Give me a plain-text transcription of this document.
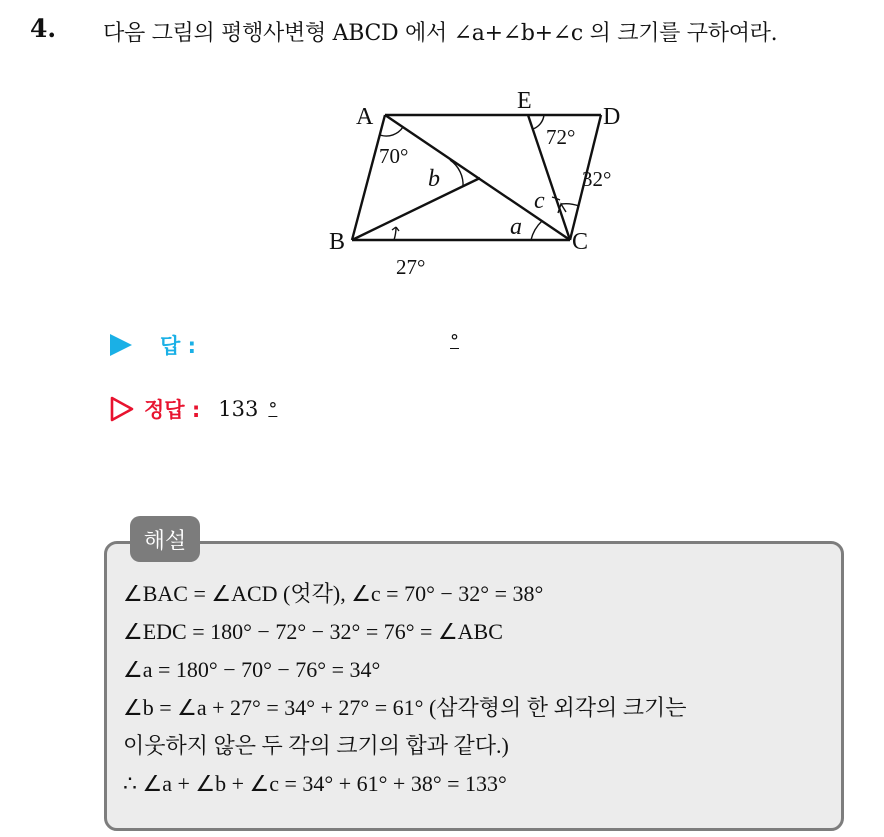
4. 다음 그림의 평행사변형 ABCD 에서 ∠a+∠b+∠c 의 크기를 구하여라.
A
E
D
B	C
b
a
c
70°
72°
32°
27°
답 :	°
정답 : 133 °
해설
∠BAC = ∠ACD (엇각), ∠c = 70° − 32° = 38°
∠EDC = 180° − 72° − 32° = 76° = ∠ABC
∠a = 180° − 70° − 76° = 34°
∠b = ∠a + 27° = 34° + 27° = 61° (삼각형의 한 외각의 크기는
이웃하지 않은 두 각의 크기의 합과 같다.)
∴ ∠a + ∠b + ∠c = 34° + 61° + 38° = 133°
